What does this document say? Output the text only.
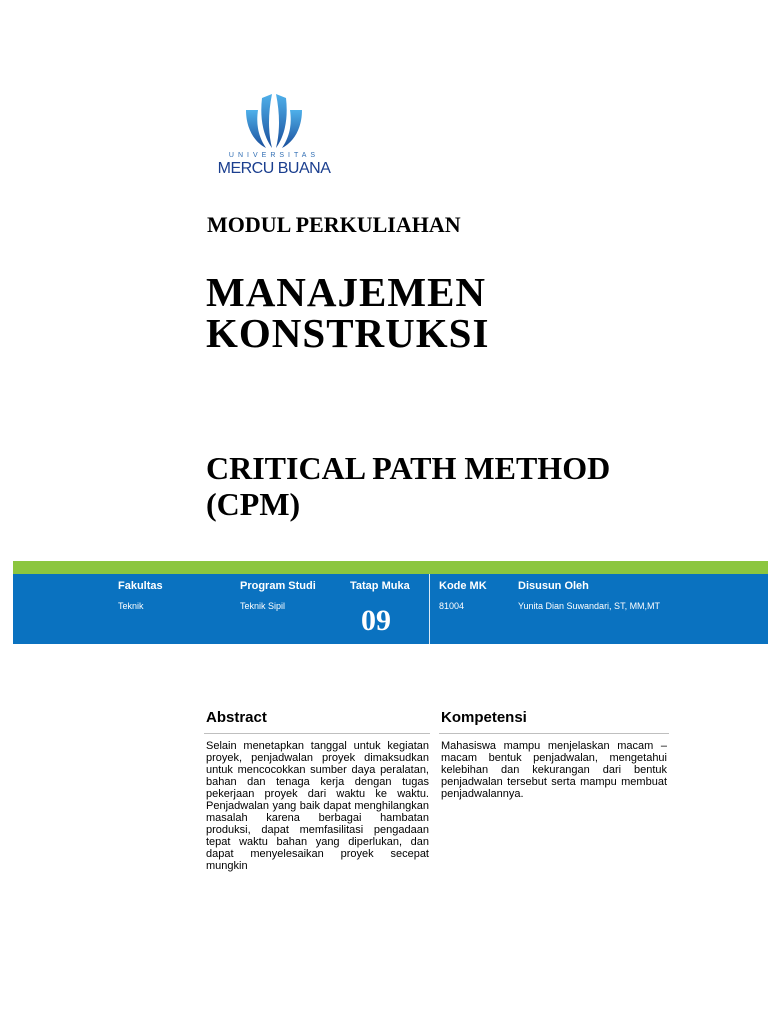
UNIVERSITAS
MERCU BUANA
MODUL PERKULIAHAN
MANAJEMEN
KONSTRUKSI
CRITICAL PATH METHOD
(CPM)
Fakultas
Teknik
Program Studi
Teknik Sipil
Tatap Muka
09
Kode MK
81004
Disusun Oleh
Yunita Dian Suwandari, ST, MM,MT
Abstract
Selain menetapkan tanggal untuk kegiatan proyek, penjadwalan proyek dimaksudkan untuk mencocokkan sumber daya peralatan, bahan dan tenaga kerja dengan tugas pekerjaan proyek dari waktu ke waktu. Penjadwalan yang baik dapat menghilangkan masalah karena berbagai hambatan produksi, dapat memfasilitasi pengadaan tepat waktu bahan yang diperlukan, dan dapat menyelesaikan proyek secepat mungkin
Kompetensi
Mahasiswa mampu menjelaskan macam –macam bentuk penjadwalan, mengetahui kelebihan dan kekurangan dari bentuk penjadwalan tersebut serta mampu membuat penjadwalannya.
